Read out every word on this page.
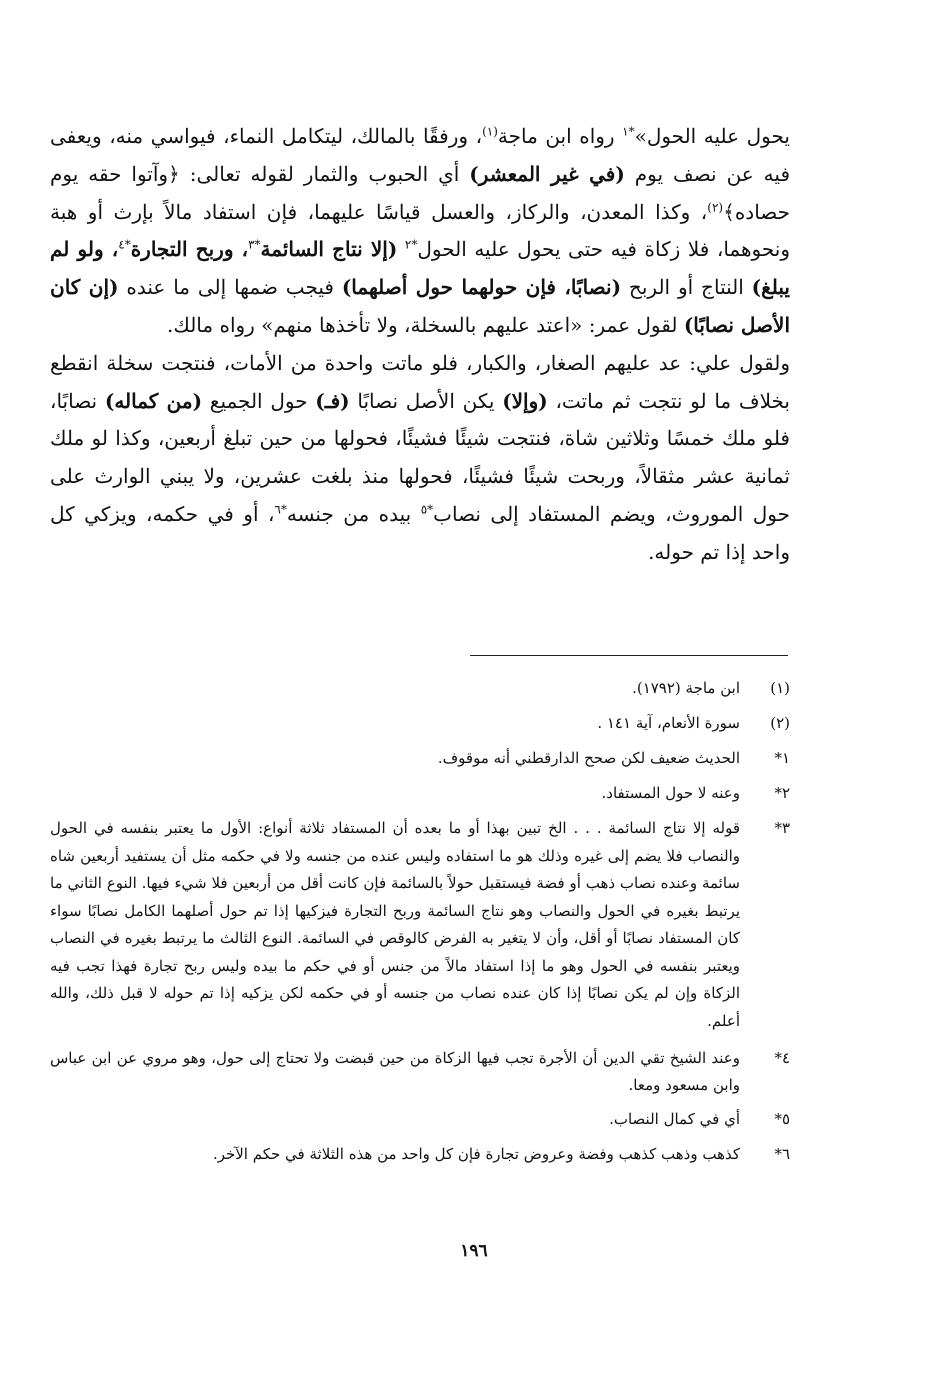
يحول عليه الحول»$^{*١}$ رواه ابن ماجة$^{(١)}$، ورفقًا بالمالك، ليتكامل النماء، فيواسي منه، ويعفى فيه عن نصف يوم (في غير المعشر) أي الحبوب والثمار لقوله تعالى: ﴿وآتوا حقه يوم حصاده﴾$^{(٢)}$، وكذا المعدن، والركاز، والعسل قياسًا عليهما، فإن استفاد مالاً بإرث أو هبة ونحوهما، فلا زكاة فيه حتى يحول عليه الحول$^{*٢}$ (إلا نتاج السائمة$^{*٣}$، وربح التجارة$^{*٤}$، ولو لم يبلغ) النتاج أو الربح (نصابًا، فإن حولهما حول أصلهما) فيجب ضمها إلى ما عنده (إن كان الأصل نصابًا) لقول عمر: «اعتد عليهم بالسخلة، ولا تأخذها منهم» رواه مالك.

ولقول علي: عد عليهم الصغار، والكبار، فلو ماتت واحدة من الأمات، فنتجت سخلة انقطع بخلاف ما لو نتجت ثم ماتت، (وإلا) يكن الأصل نصابًا (فـ) حول الجميع (من كماله) نصابًا، فلو ملك خمسًا وثلاثين شاة، فنتجت شيئًا فشيئًا، فحولها من حين تبلغ أربعين، وكذا لو ملك ثمانية عشر مثقالاً، وربحت شيئًا فشيئًا، فحولها منذ بلغت عشرين، ولا يبني الوارث على حول الموروث، ويضم المستفاد إلى نصاب$^{*٥}$ بيده من جنسه$^{*٦}$، أو في حكمه، ويزكي كل واحد إذا تم حوله.

(١)
ابن ماجة (١٧٩٢).
(٢)
سورة الأنعام، آية ١٤١ .
١*
الحديث ضعيف لكن صحح الدارقطني أنه موقوف.
٢*
وعنه لا حول المستفاد.
٣*
قوله إلا نتاج السائمة . . . الخ تبين بهذا أو ما بعده أن المستفاد ثلاثة أنواع: الأول ما يعتبر بنفسه في الحول والنصاب فلا يضم إلى غيره وذلك هو ما استفاده وليس عنده من جنسه ولا في حكمه مثل أن يستفيد أربعين شاه سائمة وعنده نصاب ذهب أو فضة فيستقبل حولاً بالسائمة فإن كانت أقل من أربعين فلا شيء فيها. النوع الثاني ما يرتبط بغيره في الحول والنصاب وهو نتاج السائمة وربح التجارة فيزكيها إذا تم حول أصلهما الكامل نصابًا سواء كان المستفاد نصابًا أو أقل، وأن لا يتغير به الفرض كالوقص في السائمة. النوع الثالث ما يرتبط بغيره في النصاب ويعتبر بنفسه في الحول وهو ما إذا استفاد مالاً من جنس أو في حكم ما بيده وليس ربح تجارة فهذا تجب فيه الزكاة وإن لم يكن نصابًا إذا كان عنده نصاب من جنسه أو في حكمه لكن يزكيه إذا تم حوله لا قبل ذلك، والله أعلم.
٤*
وعند الشيخ تقي الدين أن الأجرة تجب فيها الزكاة من حين قبضت ولا تحتاج إلى حول، وهو مروي عن ابن عباس وابن مسعود ومعا.
٥*
أي في كمال النصاب.
٦*
كذهب وذهب كذهب وفضة وعروض تجارة فإن كل واحد من هذه الثلاثة في حكم الآخر.
١٩٦
